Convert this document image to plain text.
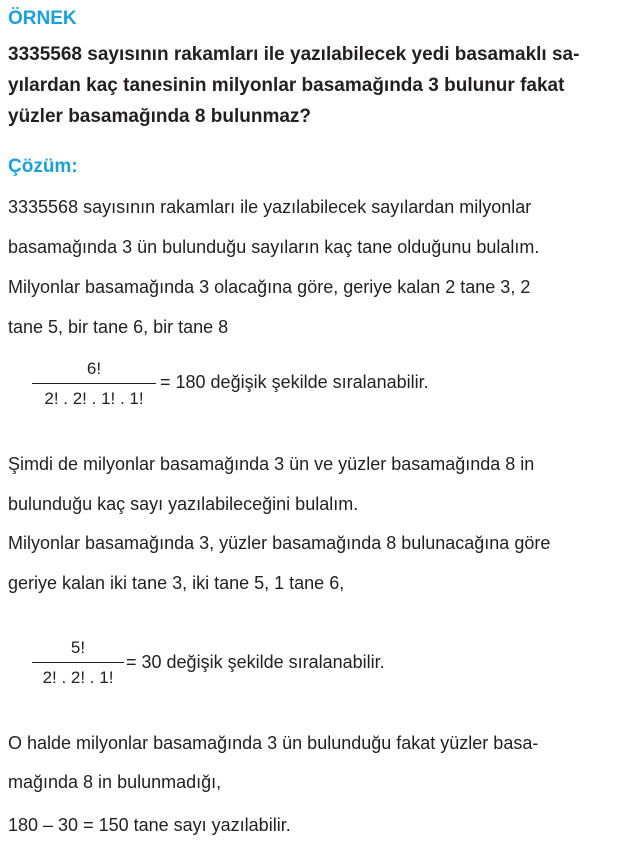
ÖRNEK
3335568 sayısının rakamları ile yazılabilecek yedi basamaklı sa-
yılardan kaç tanesinin milyonlar basamağında 3 bulunur fakat
yüzler basamağında 8 bulunmaz?
Çözüm:
3335568 sayısının rakamları ile yazılabilecek sayılardan milyonlar
basamağında 3 ün bulunduğu sayıların kaç tane olduğunu bulalım.
Milyonlar basamağında 3 olacağına göre, geriye kalan 2 tane 3, 2
tane 5, bir tane 6, bir tane 8
6!
2! . 2! . 1! . 1!
= 180 değişik şekilde sıralanabilir.
Şimdi de milyonlar basamağında 3 ün ve yüzler basamağında 8 in
bulunduğu kaç sayı yazılabileceğini bulalım.
Milyonlar basamağında 3, yüzler basamağında 8 bulunacağına göre
geriye kalan iki tane 3, iki tane 5, 1 tane 6,
5!
2! . 2! . 1!
= 30 değişik şekilde sıralanabilir.
O halde milyonlar basamağında 3 ün bulunduğu fakat yüzler basa-
mağında 8 in bulunmadığı,
180 – 30 = 150 tane sayı yazılabilir.
